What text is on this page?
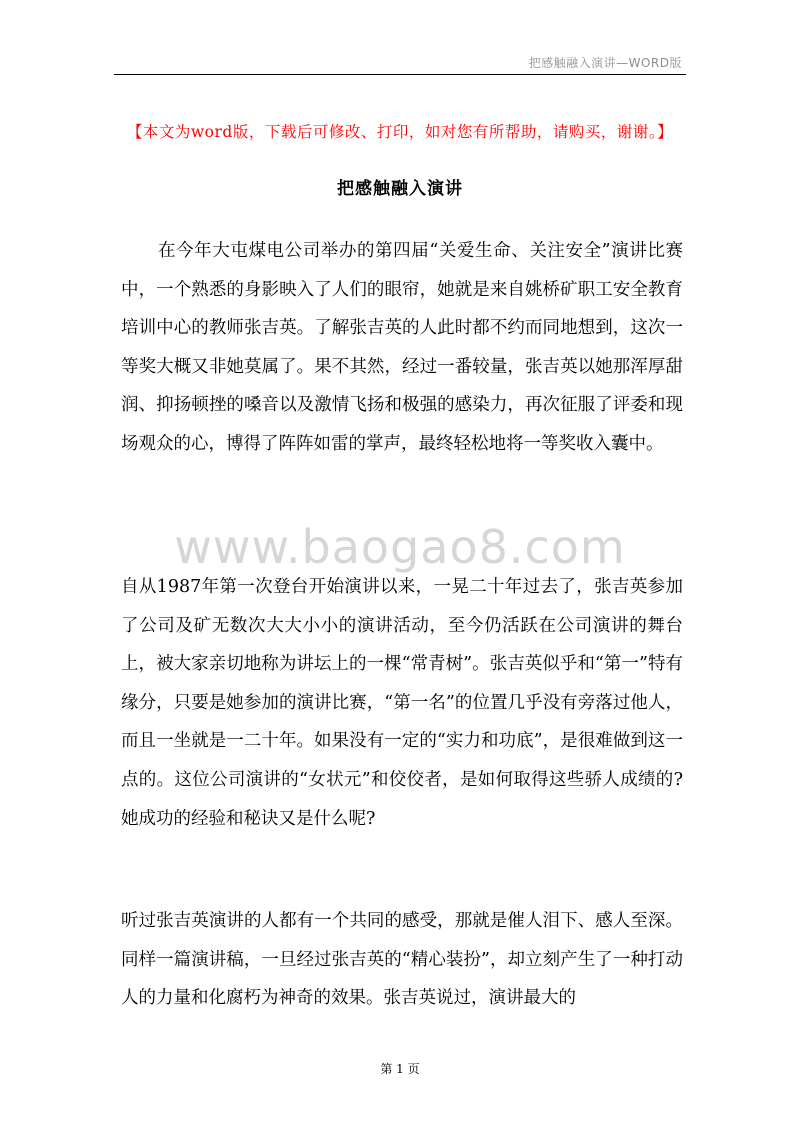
把感触融入演讲—WORD版
【本文为word版，下载后可修改、打印，如对您有所帮助，请购买，谢谢。】
把感触融入演讲

在今年大屯煤电公司举办的第四届“关爱生命、关注安全”演讲比赛中，一个熟悉的身影映入了人们的眼帘，她就是来自姚桥矿职工安全教育培训中心的教师张吉英。了解张吉英的人此时都不约而同地想到，这次一等奖大概又非她莫属了。果不其然，经过一番较量，张吉英以她那浑厚甜润、抑扬顿挫的嗓音以及激情飞扬和极强的感染力，再次征服了评委和现场观众的心，博得了阵阵如雷的掌声，最终轻松地将一等奖收入囊中。

www.baogao8.com

自从1987年第一次登台开始演讲以来，一晃二十年过去了，张吉英参加了公司及矿无数次大大小小的演讲活动，至今仍活跃在公司演讲的舞台上，被大家亲切地称为讲坛上的一棵“常青树”。张吉英似乎和“第一”特有缘分，只要是她参加的演讲比赛，“第一名”的位置几乎没有旁落过他人，而且一坐就是一二十年。如果没有一定的“实力和功底”，是很难做到这一点的。这位公司演讲的“女状元”和佼佼者，是如何取得这些骄人成绩的?她成功的经验和秘诀又是什么呢?

听过张吉英演讲的人都有一个共同的感受，那就是催人泪下、感人至深。同样一篇演讲稿，一旦经过张吉英的“精心装扮”，却立刻产生了一种打动人的力量和化腐朽为神奇的效果。张吉英说过，演讲最大的

第 1 页
